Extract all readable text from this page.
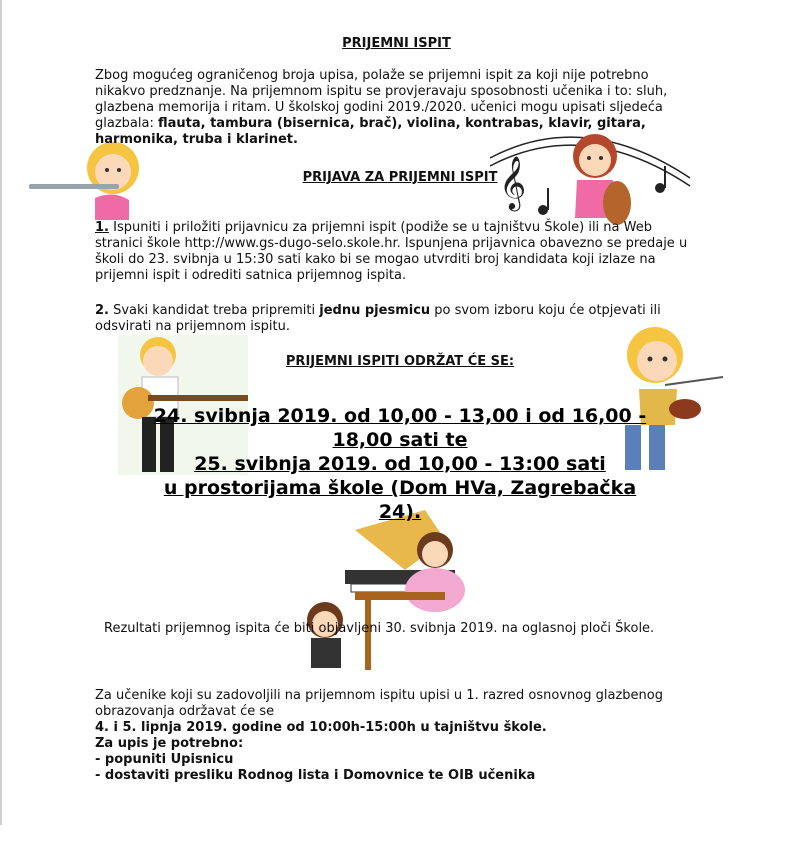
𝄞
PRIJEMNI ISPIT
Zbog mogućeg ograničenog broja upisa, polaže se prijemni ispit za koji nije potrebno nikakvo predznanje. Na prijemnom ispitu se provjeravaju sposobnosti učenika i to: sluh, glazbena memorija i ritam. U školskoj godini 2019./2020. učenici mogu upisati sljedeća glazbala: flauta, tambura (bisernica, brač), violina, kontrabas, klavir, gitara, harmonika, truba i klarinet.
PRIJAVA ZA PRIJEMNI ISPIT
1. Ispuniti i priložiti prijavnicu za prijemni ispit (podiže se u tajništvu Škole) ili na Web stranici škole http://www.gs-dugo-selo.skole.hr. Ispunjena prijavnica obavezno se predaje u školi do 23. svibnja u 15:30 sati kako bi se mogao utvrditi broj kandidata koji izlaze na prijemni ispit i odrediti satnica prijemnog ispita.
2. Svaki kandidat treba pripremiti jednu pjesmicu po svom izboru koju će otpjevati ili odsvirati na prijemnom ispitu.
PRIJEMNI ISPITI ODRŽAT ĆE SE:
24. svibnja 2019. od 10,00 - 13,00 i od 16,00 -
18,00 sati te
25. svibnja 2019. od 10,00 - 13:00 sati
u prostorijama škole (Dom HVa, Zagrebačka 24).
Rezultati prijemnog ispita će biti objavljeni 30. svibnja 2019. na oglasnoj ploči Škole.
Za učenike koji su zadovoljili na prijemnom ispitu upisi u 1. razred osnovnog glazbenog obrazovanja održavat će se
4. i 5. lipnja 2019. godine od 10:00h-15:00h u tajništvu škole.
Za upis je potrebno:
- popuniti Upisnicu
- dostaviti presliku Rodnog lista i Domovnice te OIB učenika
